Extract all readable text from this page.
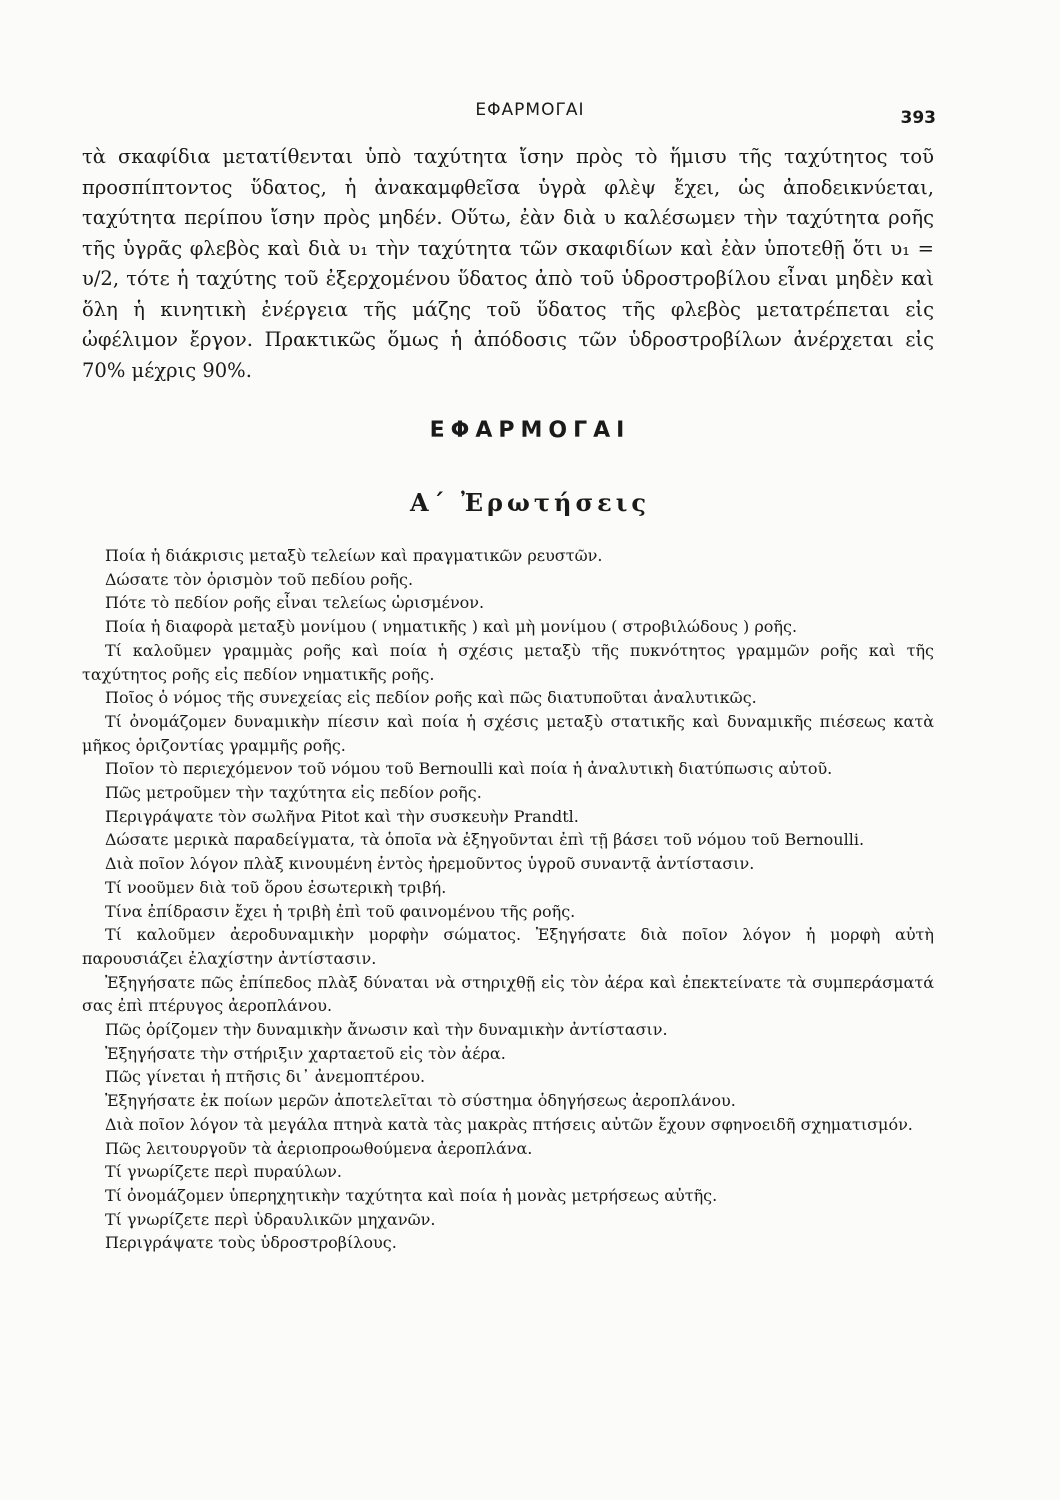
ΕΦΑΡΜΟΓΑΙ	393

τὰ σκαφίδια μετατίθενται ὑπὸ ταχύτητα ἴσην πρὸς τὸ ἥμισυ τῆς ταχύτητος τοῦ προσπίπτοντος ὕδατος, ἡ ἀνακαμφθεῖσα ὑγρὰ φλὲψ ἔχει, ὡς ἀποδεικνύεται, ταχύτητα περίπου ἴσην πρὸς μηδέν. Οὕτω, ἐὰν διὰ υ καλέσωμεν τὴν ταχύτητα ροῆς τῆς ὑγρᾶς φλεβὸς καὶ διὰ υ₁ τὴν ταχύτητα τῶν σκαφιδίων καὶ ἐὰν ὑποτεθῇ ὅτι υ₁ = υ/2, τότε ἡ ταχύτης τοῦ ἐξερχομένου ὕδατος ἀπὸ τοῦ ὑδροστροβίλου εἶναι μηδὲν καὶ ὅλη ἡ κινητικὴ ἐνέργεια τῆς μάζης τοῦ ὕδατος τῆς φλεβὸς μετατρέπεται εἰς ὠφέλιμον ἔργον. Πρακτικῶς ὅμως ἡ ἀπόδοσις τῶν ὑδροστροβίλων ἀνέρχεται εἰς 70% μέχρις 90%.

ΕΦΑΡΜΟΓΑΙ
Α΄ Ἐρωτήσεις
Ποία ἡ διάκρισις μεταξὺ τελείων καὶ πραγματικῶν ρευστῶν.
Δώσατε τὸν ὁρισμὸν τοῦ πεδίου ροῆς.
Πότε τὸ πεδίον ροῆς εἶναι τελείως ὡρισμένον.
Ποία ἡ διαφορὰ μεταξὺ μονίμου ( νηματικῆς ) καὶ μὴ μονίμου ( στροβιλώδους ) ροῆς.
Τί καλοῦμεν γραμμὰς ροῆς καὶ ποία ἡ σχέσις μεταξὺ τῆς πυκνότητος γραμμῶν ροῆς καὶ τῆς ταχύτητος ροῆς εἰς πεδίον νηματικῆς ροῆς.
Ποῖος ὁ νόμος τῆς συνεχείας εἰς πεδίον ροῆς καὶ πῶς διατυποῦται ἀναλυτικῶς.
Τί ὀνομάζομεν δυναμικὴν πίεσιν καὶ ποία ἡ σχέσις μεταξὺ στατικῆς καὶ δυναμικῆς πιέσεως κατὰ μῆκος ὁριζοντίας γραμμῆς ροῆς.
Ποῖον τὸ περιεχόμενον τοῦ νόμου τοῦ Bernoulli καὶ ποία ἡ ἀναλυτικὴ διατύπωσις αὐτοῦ.
Πῶς μετροῦμεν τὴν ταχύτητα εἰς πεδίον ροῆς.
Περιγράψατε τὸν σωλῆνα Pitot καὶ τὴν συσκευὴν Prandtl.
Δώσατε μερικὰ παραδείγματα, τὰ ὁποῖα νὰ ἐξηγοῦνται ἐπὶ τῇ βάσει τοῦ νόμου τοῦ Bernoulli.
Διὰ ποῖον λόγον πλὰξ κινουμένη ἐντὸς ἠρεμοῦντος ὑγροῦ συναντᾷ ἀντίστασιν.
Τί νοοῦμεν διὰ τοῦ ὅρου ἐσωτερικὴ τριβή.
Τίνα ἐπίδρασιν ἔχει ἡ τριβὴ ἐπὶ τοῦ φαινομένου τῆς ροῆς.
Τί καλοῦμεν ἀεροδυναμικὴν μορφὴν σώματος. Ἐξηγήσατε διὰ ποῖον λόγον ἡ μορφὴ αὐτὴ παρουσιάζει ἐλαχίστην ἀντίστασιν.
Ἐξηγήσατε πῶς ἐπίπεδος πλὰξ δύναται νὰ στηριχθῇ εἰς τὸν ἀέρα καὶ ἐπεκτείνατε τὰ συμπεράσματά σας ἐπὶ πτέρυγος ἀεροπλάνου.
Πῶς ὁρίζομεν τὴν δυναμικὴν ἄνωσιν καὶ τὴν δυναμικὴν ἀντίστασιν.
Ἐξηγήσατε τὴν στήριξιν χαρταετοῦ εἰς τὸν ἀέρα.
Πῶς γίνεται ἡ πτῆσις δι᾿ ἀνεμοπτέρου.
Ἐξηγήσατε ἐκ ποίων μερῶν ἀποτελεῖται τὸ σύστημα ὁδηγήσεως ἀεροπλάνου.
Διὰ ποῖον λόγον τὰ μεγάλα πτηνὰ κατὰ τὰς μακρὰς πτήσεις αὐτῶν ἔχουν σφηνοειδῆ σχηματισμόν.
Πῶς λειτουργοῦν τὰ ἀεριοπροωθούμενα ἀεροπλάνα.
Τί γνωρίζετε περὶ πυραύλων.
Τί ὀνομάζομεν ὑπερηχητικὴν ταχύτητα καὶ ποία ἡ μονὰς μετρήσεως αὐτῆς.
Τί γνωρίζετε περὶ ὑδραυλικῶν μηχανῶν.
Περιγράψατε τοὺς ὑδροστροβίλους.
